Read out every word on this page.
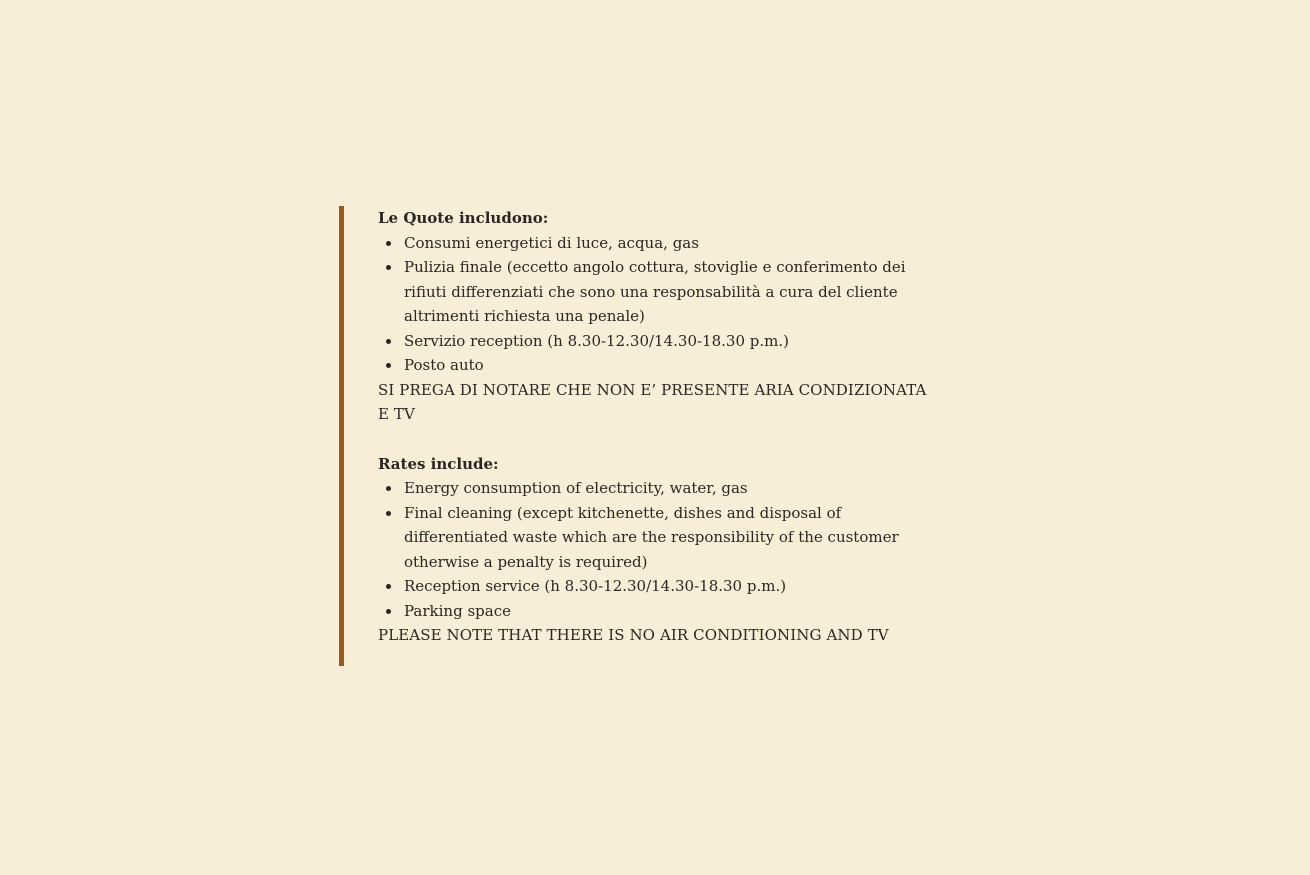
Le Quote includono:

Consumi energetici di luce, acqua, gas
Pulizia finale (eccetto angolo cottura, stoviglie e conferimento dei rifiuti differenziati che sono una responsabilità a cura del cliente altrimenti richiesta una penale)
Servizio reception (h 8.30-12.30/14.30-18.30 p.m.)
Posto auto

SI PREGA DI NOTARE CHE NON E’ PRESENTE ARIA CONDIZIONATA E TV

Rates include:

Energy consumption of electricity, water, gas
Final cleaning (except kitchenette, dishes and disposal of differentiated waste which are the responsibility of the customer otherwise a penalty is required)
Reception service (h 8.30-12.30/14.30-18.30 p.m.)
Parking space

PLEASE NOTE THAT THERE IS NO AIR CONDITIONING AND TV
